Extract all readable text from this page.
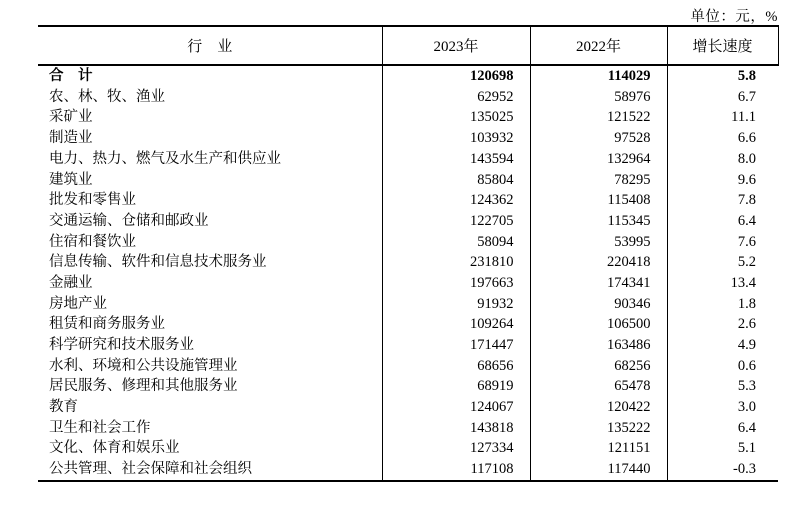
单位：元，%
行　业	2023年	2022年	增长速度
合　计	120698	114029	5.8
农、林、牧、渔业	62952	58976	6.7
采矿业	135025	121522	11.1
制造业	103932	97528	6.6
电力、热力、燃气及水生产和供应业	143594	132964	8.0
建筑业	85804	78295	9.6
批发和零售业	124362	115408	7.8
交通运输、仓储和邮政业	122705	115345	6.4
住宿和餐饮业	58094	53995	7.6
信息传输、软件和信息技术服务业	231810	220418	5.2
金融业	197663	174341	13.4
房地产业	91932	90346	1.8
租赁和商务服务业	109264	106500	2.6
科学研究和技术服务业	171447	163486	4.9
水利、环境和公共设施管理业	68656	68256	0.6
居民服务、修理和其他服务业	68919	65478	5.3
教育	124067	120422	3.0
卫生和社会工作	143818	135222	6.4
文化、体育和娱乐业	127334	121151	5.1
公共管理、社会保障和社会组织	117108	117440	-0.3
